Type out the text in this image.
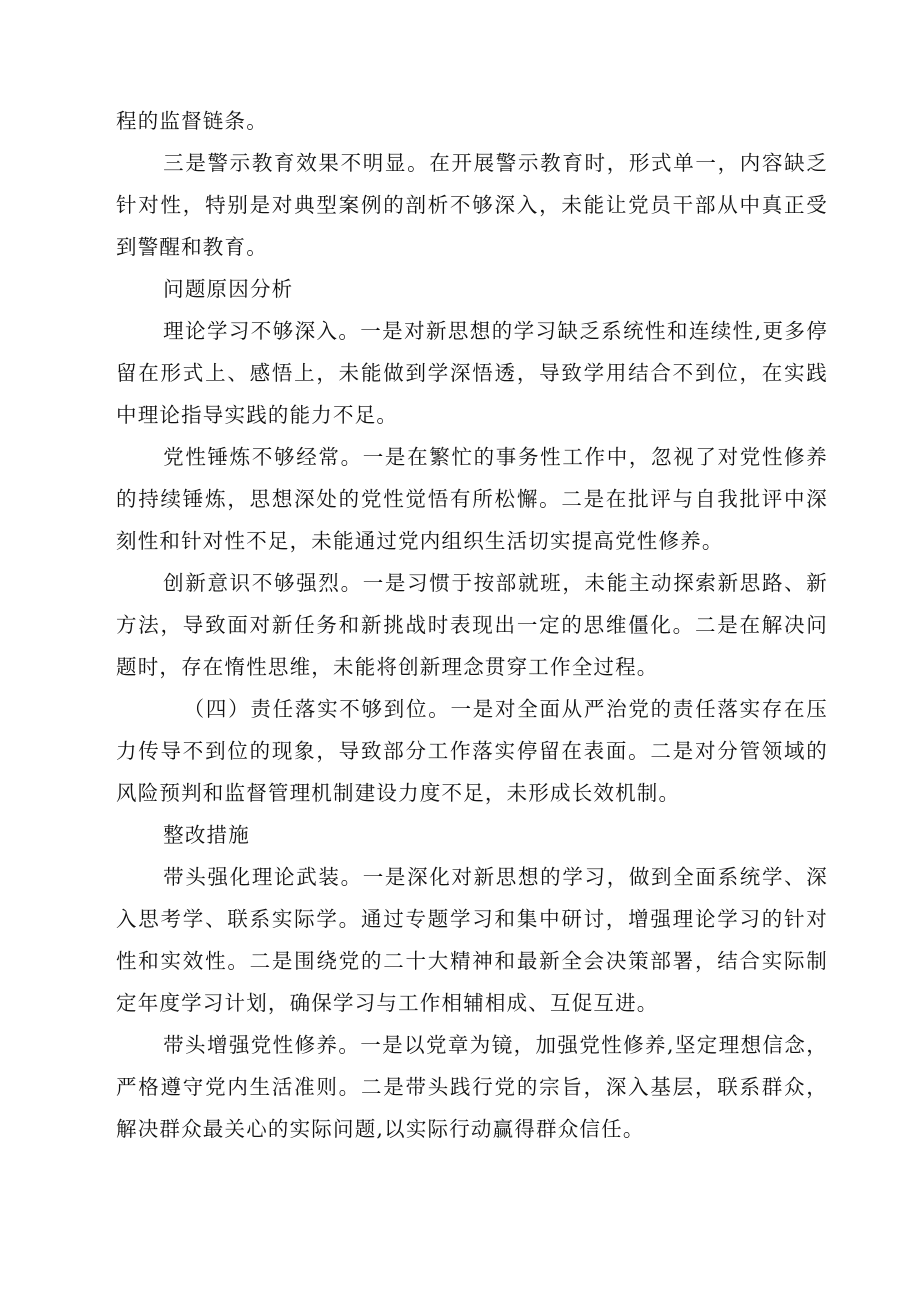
程的监督链条。

三是警示教育效果不明显。在开展警示教育时，形式单一，内容缺乏针对性，特别是对典型案例的剖析不够深入，未能让党员干部从中真正受到警醒和教育。

问题原因分析

理论学习不够深入。一是对新思想的学习缺乏系统性和连续性,更多停留在形式上、感悟上，未能做到学深悟透，导致学用结合不到位，在实践中理论指导实践的能力不足。

党性锤炼不够经常。一是在繁忙的事务性工作中，忽视了对党性修养的持续锤炼，思想深处的党性觉悟有所松懈。二是在批评与自我批评中深刻性和针对性不足，未能通过党内组织生活切实提高党性修养。

创新意识不够强烈。一是习惯于按部就班，未能主动探索新思路、新方法，导致面对新任务和新挑战时表现出一定的思维僵化。二是在解决问题时，存在惰性思维，未能将创新理念贯穿工作全过程。

（四）责任落实不够到位。一是对全面从严治党的责任落实存在压力传导不到位的现象，导致部分工作落实停留在表面。二是对分管领域的风险预判和监督管理机制建设力度不足，未形成长效机制。

整改措施

带头强化理论武装。一是深化对新思想的学习，做到全面系统学、深入思考学、联系实际学。通过专题学习和集中研讨，增强理论学习的针对性和实效性。二是围绕党的二十大精神和最新全会决策部署，结合实际制定年度学习计划，确保学习与工作相辅相成、互促互进。

带头增强党性修养。一是以党章为镜，加强党性修养,坚定理想信念，严格遵守党内生活准则。二是带头践行党的宗旨，深入基层，联系群众，解决群众最关心的实际问题,以实际行动赢得群众信任。
